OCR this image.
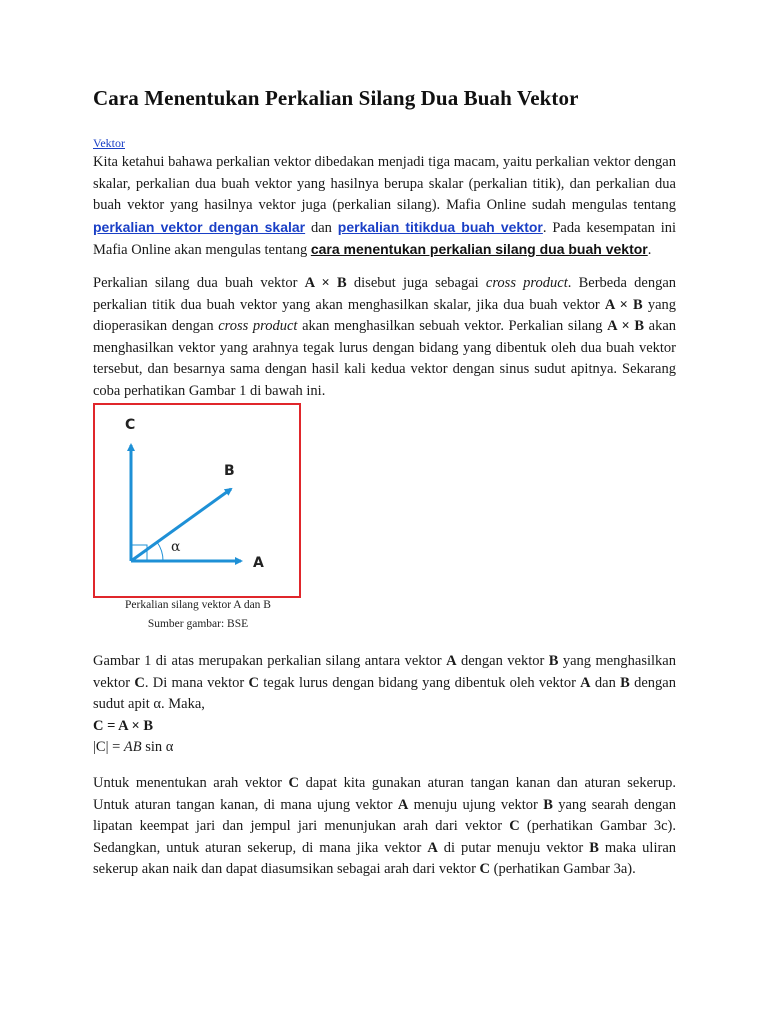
Cara Menentukan Perkalian Silang Dua Buah Vektor
Vektor

Kita ketahui bahawa perkalian vektor dibedakan menjadi tiga macam, yaitu perkalian vektor dengan skalar, perkalian dua buah vektor yang hasilnya berupa skalar (perkalian titik), dan perkalian dua buah vektor yang hasilnya vektor juga (perkalian silang). Mafia Online sudah mengulas tentang perkalian vektor dengan skalar dan perkalian titikdua buah vektor. Pada kesempatan ini Mafia Online akan mengulas tentang cara menentukan perkalian silang dua buah vektor.

Perkalian silang dua buah vektor A × B disebut juga sebagai cross product. Berbeda dengan perkalian titik dua buah vektor yang akan menghasilkan skalar, jika dua buah vektor A × B yang dioperasikan dengan cross product akan menghasilkan sebuah vektor. Perkalian silang A × B akan menghasilkan vektor yang arahnya tegak lurus dengan bidang yang dibentuk oleh dua buah vektor tersebut, dan besarnya sama dengan hasil kali kedua vektor dengan sinus sudut apitnya. Sekarang coba perhatikan Gambar 1 di bawah ini.

C
B
A
α
Perkalian silang vektor A dan B
Sumber gambar: BSE

Gambar 1 di atas merupakan perkalian silang antara vektor A dengan vektor B yang menghasilkan vektor C. Di mana vektor C tegak lurus dengan bidang yang dibentuk oleh vektor A dan B dengan sudut apit α. Maka,
C = A × B
|C| = AB sin α

Untuk menentukan arah vektor C dapat kita gunakan aturan tangan kanan dan aturan sekerup. Untuk aturan tangan kanan, di mana ujung vektor A menuju ujung vektor B yang searah dengan lipatan keempat jari dan jempul jari menunjukan arah dari vektor C (perhatikan Gambar 3c). Sedangkan, untuk aturan sekerup, di mana jika vektor A di putar menuju vektor B maka uliran sekerup akan naik dan dapat diasumsikan sebagai arah dari vektor C (perhatikan Gambar 3a).
